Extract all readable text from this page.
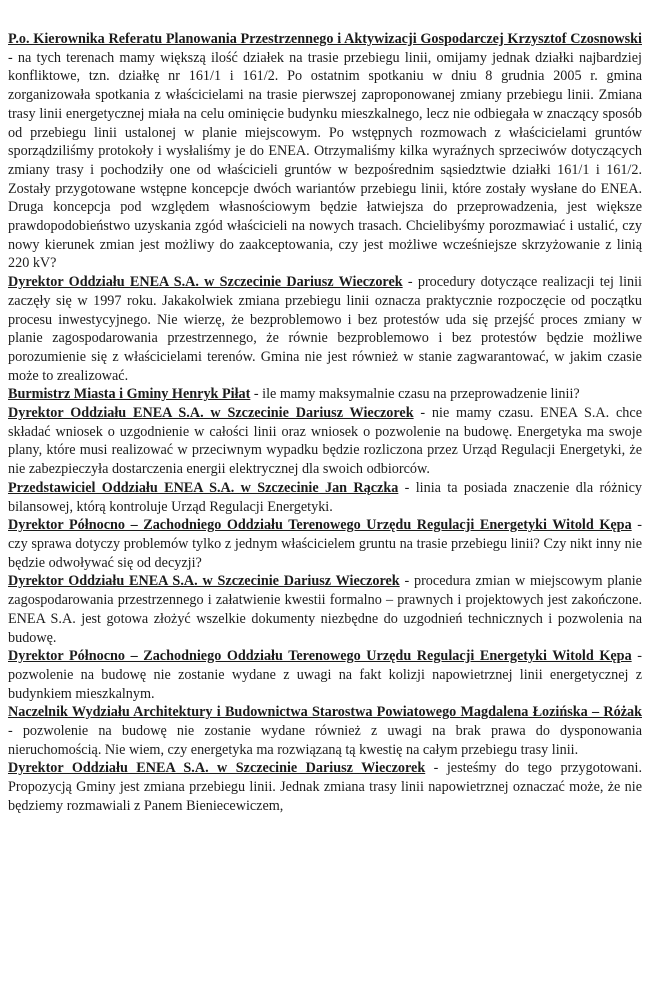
P.o. Kierownika Referatu Planowania Przestrzennego i Aktywizacji Gospodarczej Krzysztof Czosnowski - na tych terenach mamy większą ilość działek na trasie przebiegu linii, omijamy jednak działki najbardziej konfliktowe, tzn. działkę nr 161/1 i 161/2. Po ostatnim spotkaniu w dniu 8 grudnia 2005 r. gmina zorganizowała spotkania z właścicielami na trasie pierwszej zaproponowanej zmiany przebiegu linii. Zmiana trasy linii energetycznej miała na celu ominięcie budynku mieszkalnego, lecz nie odbiegała w znaczący sposób od przebiegu linii ustalonej w planie miejscowym. Po wstępnych rozmowach z właścicielami gruntów sporządziliśmy protokoły i wysłaliśmy je do ENEA. Otrzymaliśmy kilka wyraźnych sprzeciwów dotyczących zmiany trasy i pochodziły one od właścicieli gruntów w bezpośrednim sąsiedztwie działki 161/1 i 161/2. Zostały przygotowane wstępne koncepcje dwóch wariantów przebiegu linii, które zostały wysłane do ENEA. Druga koncepcja pod względem własnościowym będzie łatwiejsza do przeprowadzenia, jest większe prawdopodobieństwo uzyskania zgód właścicieli na nowych trasach. Chcielibyśmy porozmawiać i ustalić, czy nowy kierunek zmian jest możliwy do zaakceptowania, czy jest możliwe wcześniejsze skrzyżowanie z linią 220 kV?

Dyrektor Oddziału ENEA S.A. w Szczecinie Dariusz Wieczorek - procedury dotyczące realizacji tej linii zaczęły się w 1997 roku. Jakakolwiek zmiana przebiegu linii oznacza praktycznie rozpoczęcie od początku procesu inwestycyjnego. Nie wierzę, że bezproblemowo i bez protestów uda się przejść proces zmiany w planie zagospodarowania przestrzennego, że równie bezproblemowo i bez protestów będzie możliwe porozumienie się z właścicielami terenów. Gmina nie jest również w stanie zagwarantować, w jakim czasie może to zrealizować.

Burmistrz Miasta i Gminy Henryk Piłat - ile mamy maksymalnie czasu na przeprowadzenie linii?

Dyrektor Oddziału ENEA S.A. w Szczecinie Dariusz Wieczorek - nie mamy czasu. ENEA S.A. chce składać wniosek o uzgodnienie w całości linii oraz wniosek o pozwolenie na budowę. Energetyka ma swoje plany, które musi realizować w przeciwnym wypadku będzie rozliczona przez Urząd Regulacji Energetyki, że nie zabezpieczyła dostarczenia energii elektrycznej dla swoich odbiorców.

Przedstawiciel Oddziału ENEA S.A. w Szczecinie Jan Rączka - linia ta posiada znaczenie dla różnicy bilansowej, którą kontroluje Urząd Regulacji Energetyki.

Dyrektor Północno – Zachodniego Oddziału Terenowego Urzędu Regulacji Energetyki Witold Kępa - czy sprawa dotyczy problemów tylko z jednym właścicielem gruntu na trasie przebiegu linii? Czy nikt inny nie będzie odwoływać się od decyzji?

Dyrektor Oddziału ENEA S.A. w Szczecinie Dariusz Wieczorek - procedura zmian w miejscowym planie zagospodarowania przestrzennego i załatwienie kwestii formalno – prawnych i projektowych jest zakończone. ENEA S.A. jest gotowa złożyć wszelkie dokumenty niezbędne do uzgodnień technicznych i pozwolenia na budowę.

Dyrektor Północno – Zachodniego Oddziału Terenowego Urzędu Regulacji Energetyki Witold Kępa - pozwolenie na budowę nie zostanie wydane z uwagi na fakt kolizji napowietrznej linii energetycznej z budynkiem mieszkalnym.

Naczelnik Wydziału Architektury i Budownictwa Starostwa Powiatowego Magdalena Łozińska – Różak - pozwolenie na budowę nie zostanie wydane również z uwagi na brak prawa do dysponowania nieruchomością. Nie wiem, czy energetyka ma rozwiązaną tą kwestię na całym przebiegu trasy linii.

Dyrektor Oddziału ENEA S.A. w Szczecinie Dariusz Wieczorek - jesteśmy do tego przygotowani. Propozycją Gminy jest zmiana przebiegu linii. Jednak zmiana trasy linii napowietrznej oznaczać może, że nie będziemy rozmawiali z Panem Bieniecewiczem,
